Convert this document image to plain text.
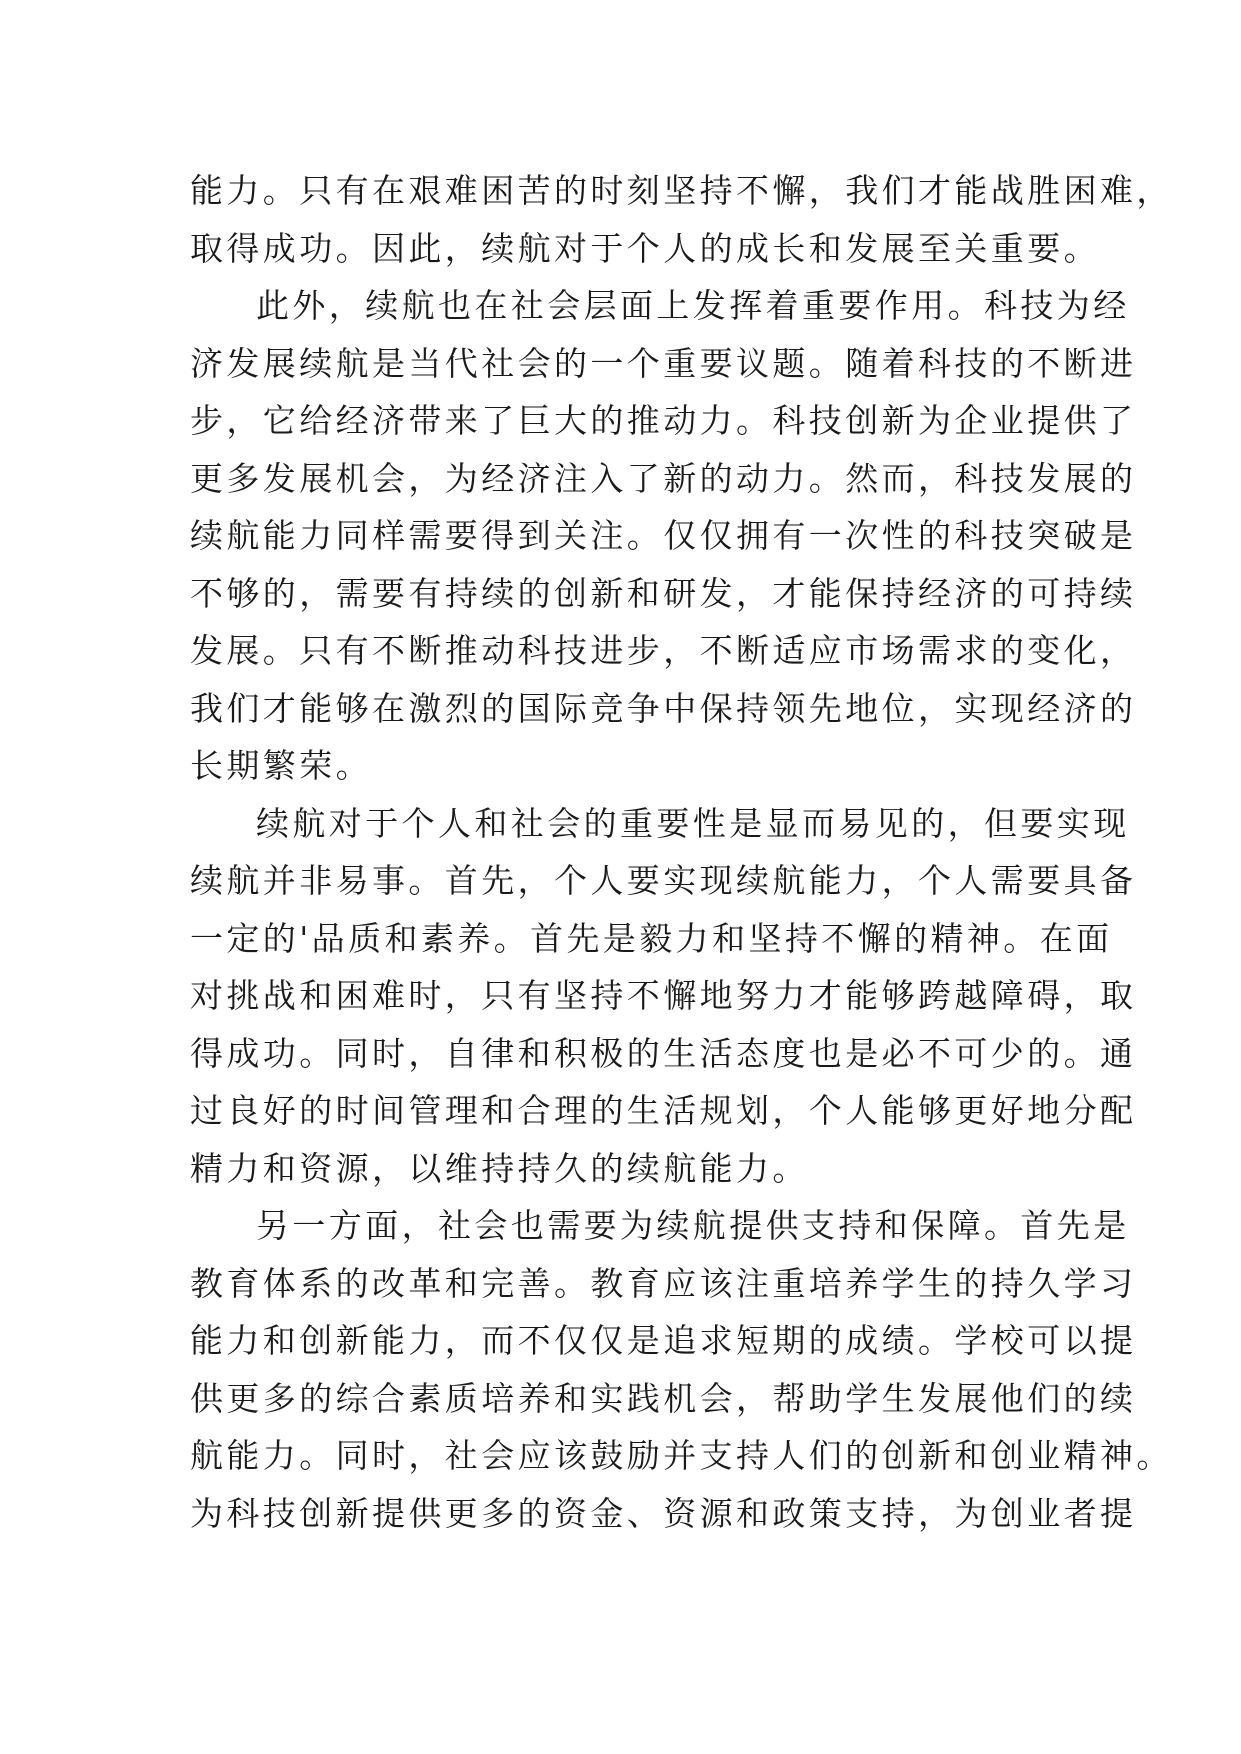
能力。只有在艰难困苦的时刻坚持不懈，我们才能战胜困难，
取得成功。因此，续航对于个人的成长和发展至关重要。
此外，续航也在社会层面上发挥着重要作用。科技为经
济发展续航是当代社会的一个重要议题。随着科技的不断进
步，它给经济带来了巨大的推动力。科技创新为企业提供了
更多发展机会，为经济注入了新的动力。然而，科技发展的
续航能力同样需要得到关注。仅仅拥有一次性的科技突破是
不够的，需要有持续的创新和研发，才能保持经济的可持续
发展。只有不断推动科技进步，不断适应市场需求的变化，
我们才能够在激烈的国际竞争中保持领先地位，实现经济的
长期繁荣。
续航对于个人和社会的重要性是显而易见的，但要实现
续航并非易事。首先，个人要实现续航能力，个人需要具备
一定的'品质和素养。首先是毅力和坚持不懈的精神。在面
对挑战和困难时，只有坚持不懈地努力才能够跨越障碍，取
得成功。同时，自律和积极的生活态度也是必不可少的。通
过良好的时间管理和合理的生活规划，个人能够更好地分配
精力和资源，以维持持久的续航能力。
另一方面，社会也需要为续航提供支持和保障。首先是
教育体系的改革和完善。教育应该注重培养学生的持久学习
能力和创新能力，而不仅仅是追求短期的成绩。学校可以提
供更多的综合素质培养和实践机会，帮助学生发展他们的续
航能力。同时，社会应该鼓励并支持人们的创新和创业精神。
为科技创新提供更多的资金、资源和政策支持，为创业者提
